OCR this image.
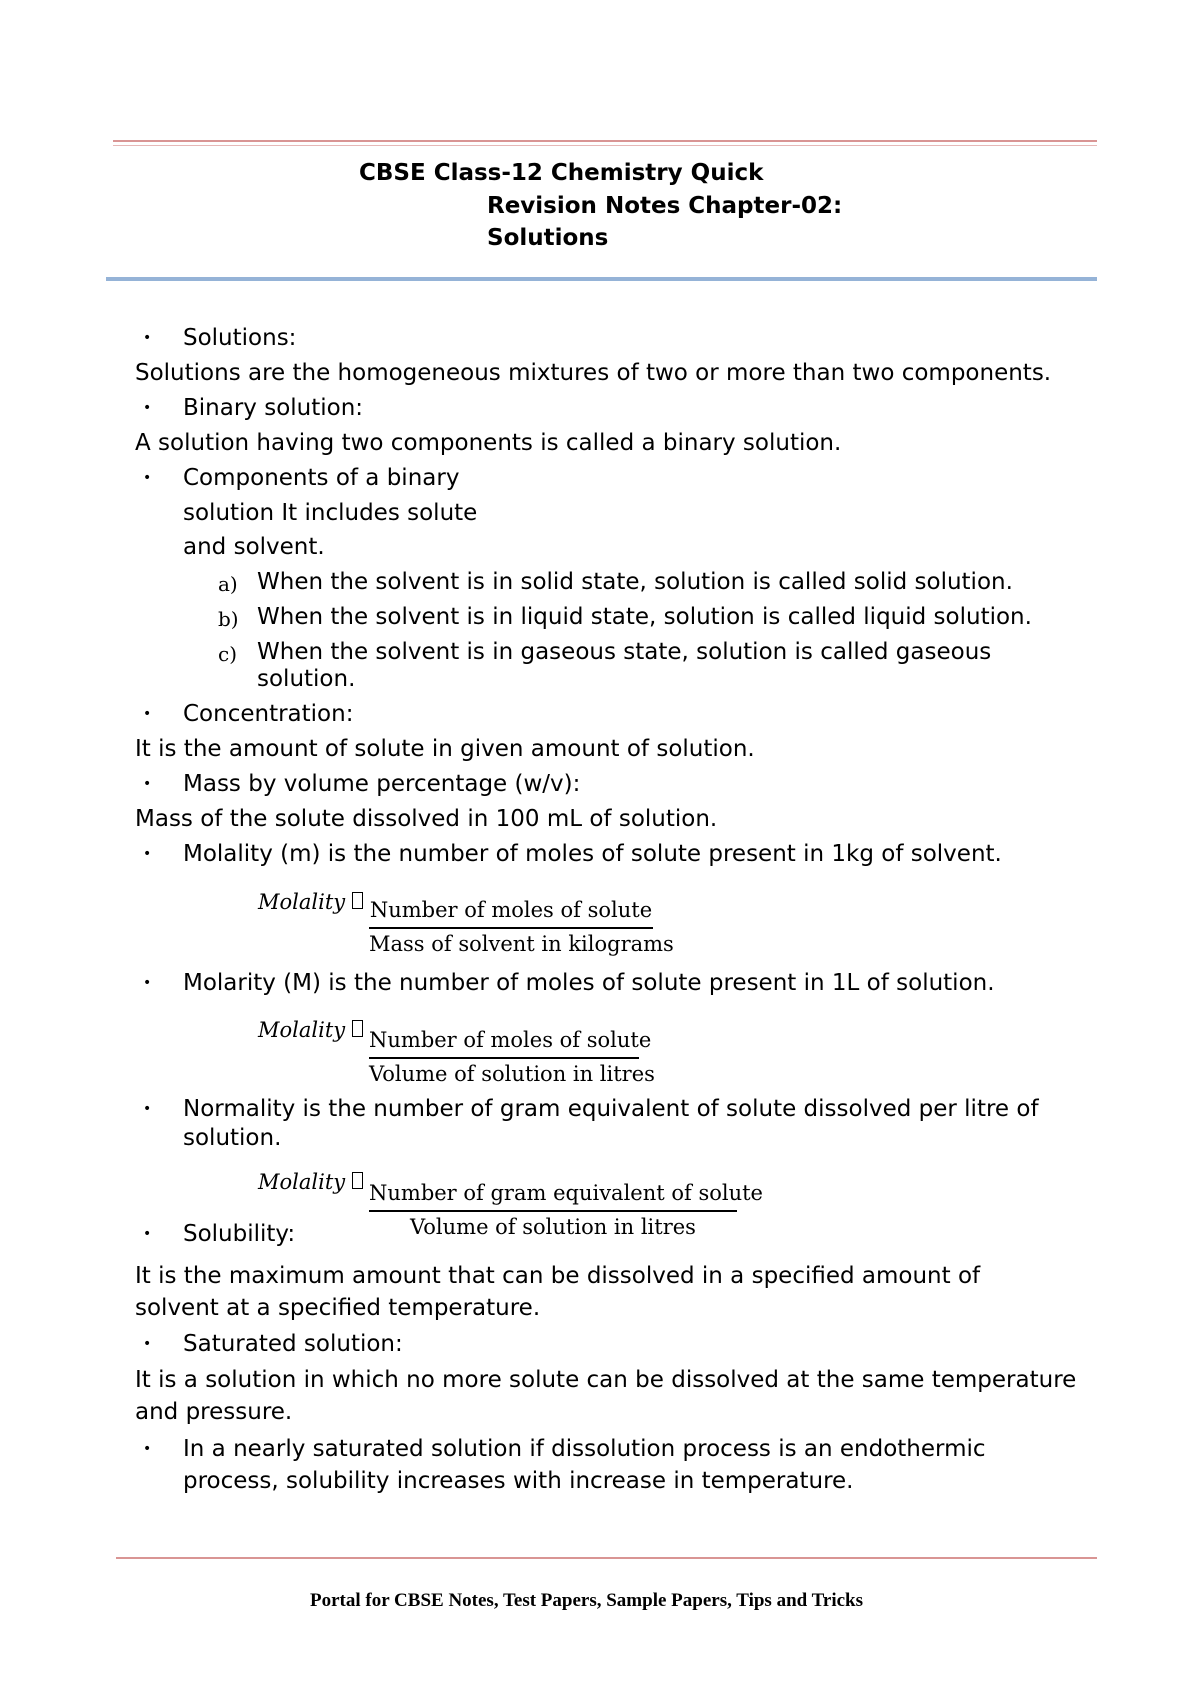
CBSE Class-12 Chemistry Quick
Revision Notes Chapter-02:
Solutions
• Solutions:
Solutions are the homogeneous mixtures of two or more than two components.
• Binary solution:
A solution having two components is called a binary solution.
• Components of a binary
solution It includes solute
and solvent.
a) When the solvent is in solid state, solution is called solid solution.
b) When the solvent is in liquid state, solution is called liquid solution.
c) When the solvent is in gaseous state, solution is called gaseous
solution.
• Concentration:
It is the amount of solute in given amount of solution.
• Mass by volume percentage (w/v):
Mass of the solute dissolved in 100 mL of solution.
• Molality (m) is the number of moles of solute present in 1kg of solvent.
Molality	Number of moles of solute
Mass of solvent in kilograms
• Molarity (M) is the number of moles of solute present in 1L of solution.
Molality	Number of moles of solute
Volume of solution in litres
• Normality is the number of gram equivalent of solute dissolved per litre of
solution.
Molality	Number of gram equivalent of solute
Volume of solution in litres
• Solubility:
It is the maximum amount that can be dissolved in a specified amount of
solvent at a specified temperature.
• Saturated solution:
It is a solution in which no more solute can be dissolved at the same temperature
and pressure.
• In a nearly saturated solution if dissolution process is an endothermic
process, solubility increases with increase in temperature.
Portal for CBSE Notes, Test Papers, Sample Papers, Tips and Tricks
